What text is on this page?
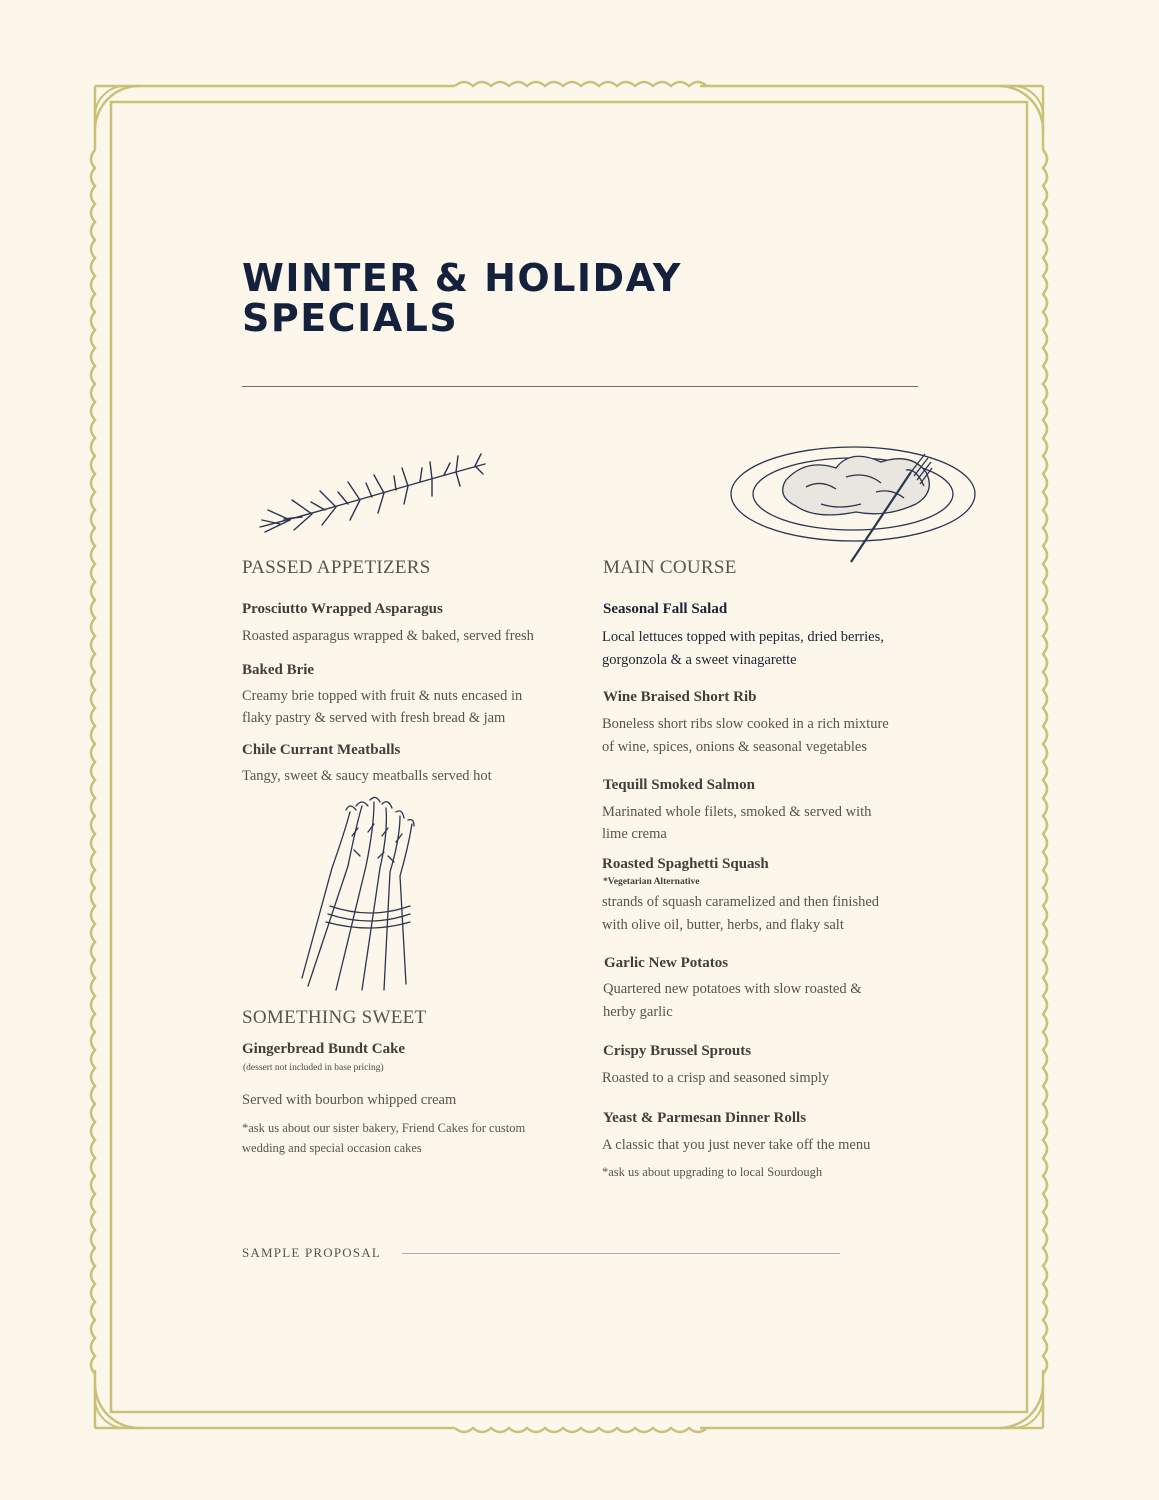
WINTER & HOLIDAY
SPECIALS
PASSED APPETIZERS

Prosciutto Wrapped Asparagus

Roasted asparagus wrapped & baked, served fresh

Baked Brie

Creamy brie topped with fruit & nuts encased in

flaky pastry & served with fresh bread & jam

Chile Currant Meatballs

Tangy, sweet & saucy meatballs served hot

SOMETHING SWEET

Gingerbread Bundt Cake

(dessert not included in base pricing)

Served with bourbon whipped cream

*ask us about our sister bakery, Friend Cakes for custom

wedding and special occasion cakes

MAIN COURSE

Seasonal Fall Salad

Local lettuces topped with pepitas, dried berries,

gorgonzola & a sweet vinagarette

Wine Braised Short Rib

Boneless short ribs slow cooked in a rich mixture

of wine, spices, onions & seasonal vegetables

Tequill Smoked Salmon

Marinated whole filets, smoked & served with

lime crema

Roasted Spaghetti Squash

*Vegetarian Alternative

strands of squash caramelized and then finished

with olive oil, butter, herbs, and flaky salt

Garlic New Potatos

Quartered new potatoes with slow roasted &

herby garlic

Crispy Brussel Sprouts

Roasted to a crisp and seasoned simply

Yeast & Parmesan Dinner Rolls

A classic that you just never take off the menu

*ask us about upgrading to local Sourdough

SAMPLE PROPOSAL
